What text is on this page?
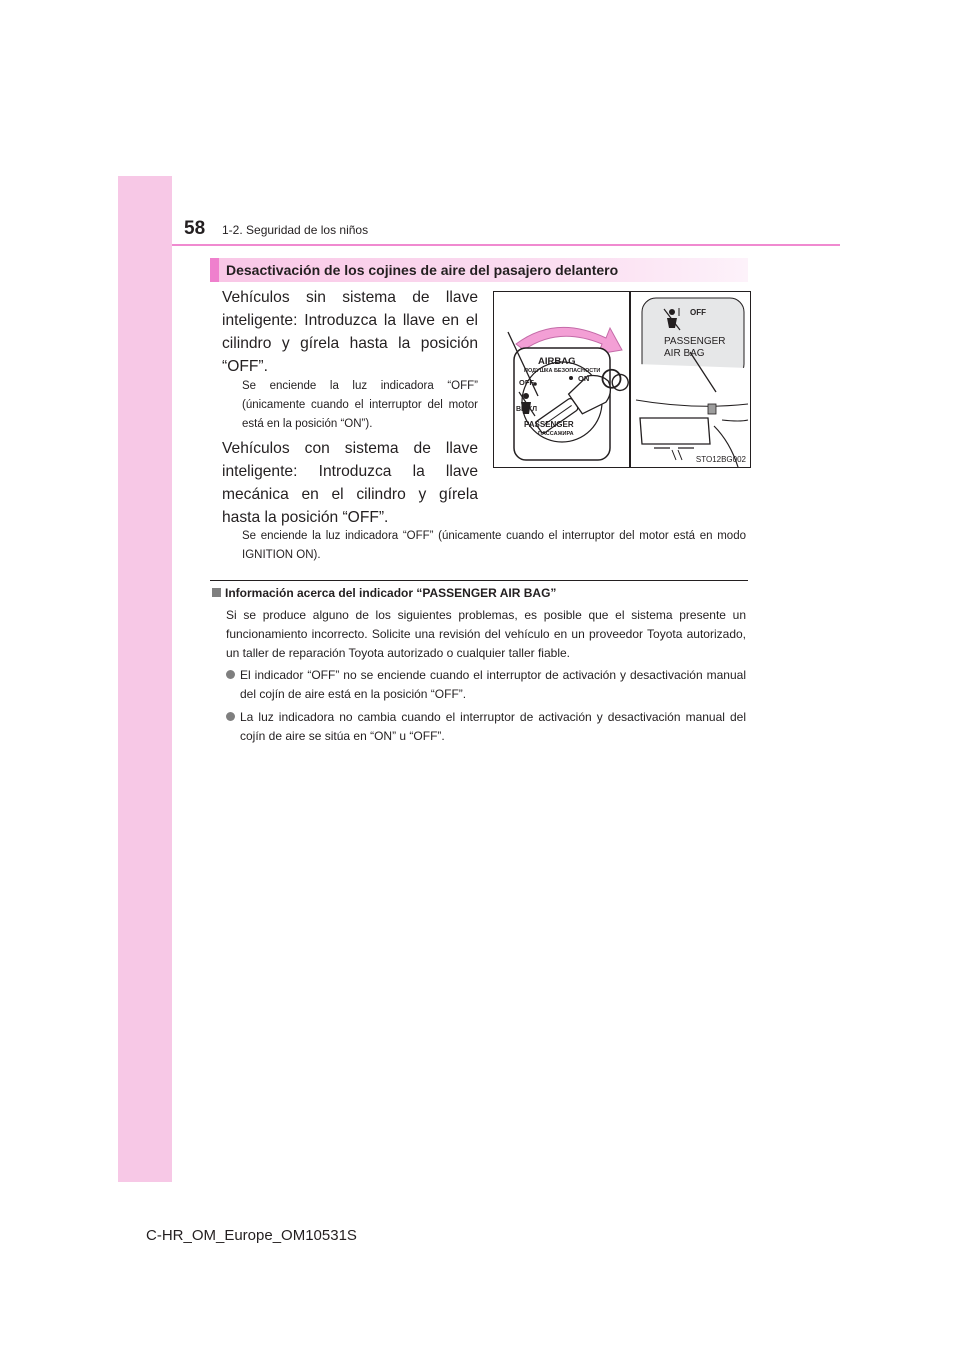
58 1-2. Seguridad de los niños
Desactivación de los cojines de aire del pasajero delantero

Vehículos sin sistema de llave inteligente: Introduzca la llave en el cilindro y gírela hasta la posición “OFF”.

Se enciende la luz indicadora “OFF” (únicamente cuando el interruptor del motor está en la posición “ON”).

Vehículos con sistema de llave inteligente: Introduzca la llave mecánica en el cilindro y gírela hasta la posición “OFF”.

Se enciende la luz indicadora “OFF” (únicamente cuando el interruptor del motor está en modo IGNITION ON).

AIRBAG
ПОДУШКА БЕЗОПАСНОСТИ
OFF	ON
ВЫКЛ
PASSENGER
ПАССАЖИРА
OFF
PASSENGER
AIR BAG
STO12BG002
Información acerca del indicador “PASSENGER AIR BAG”

Si se produce alguno de los siguientes problemas, es posible que el sistema presente un funcionamiento incorrecto. Solicite una revisión del vehículo en un proveedor Toyota autorizado, un taller de reparación Toyota autorizado o cualquier taller fiable.

El indicador “OFF” no se enciende cuando el interruptor de activación y desactivación manual del cojín de aire está en la posición “OFF”.

La luz indicadora no cambia cuando el interruptor de activación y desactivación manual del cojín de aire se sitúa en “ON” u “OFF”.

C-HR_OM_Europe_OM10531S
